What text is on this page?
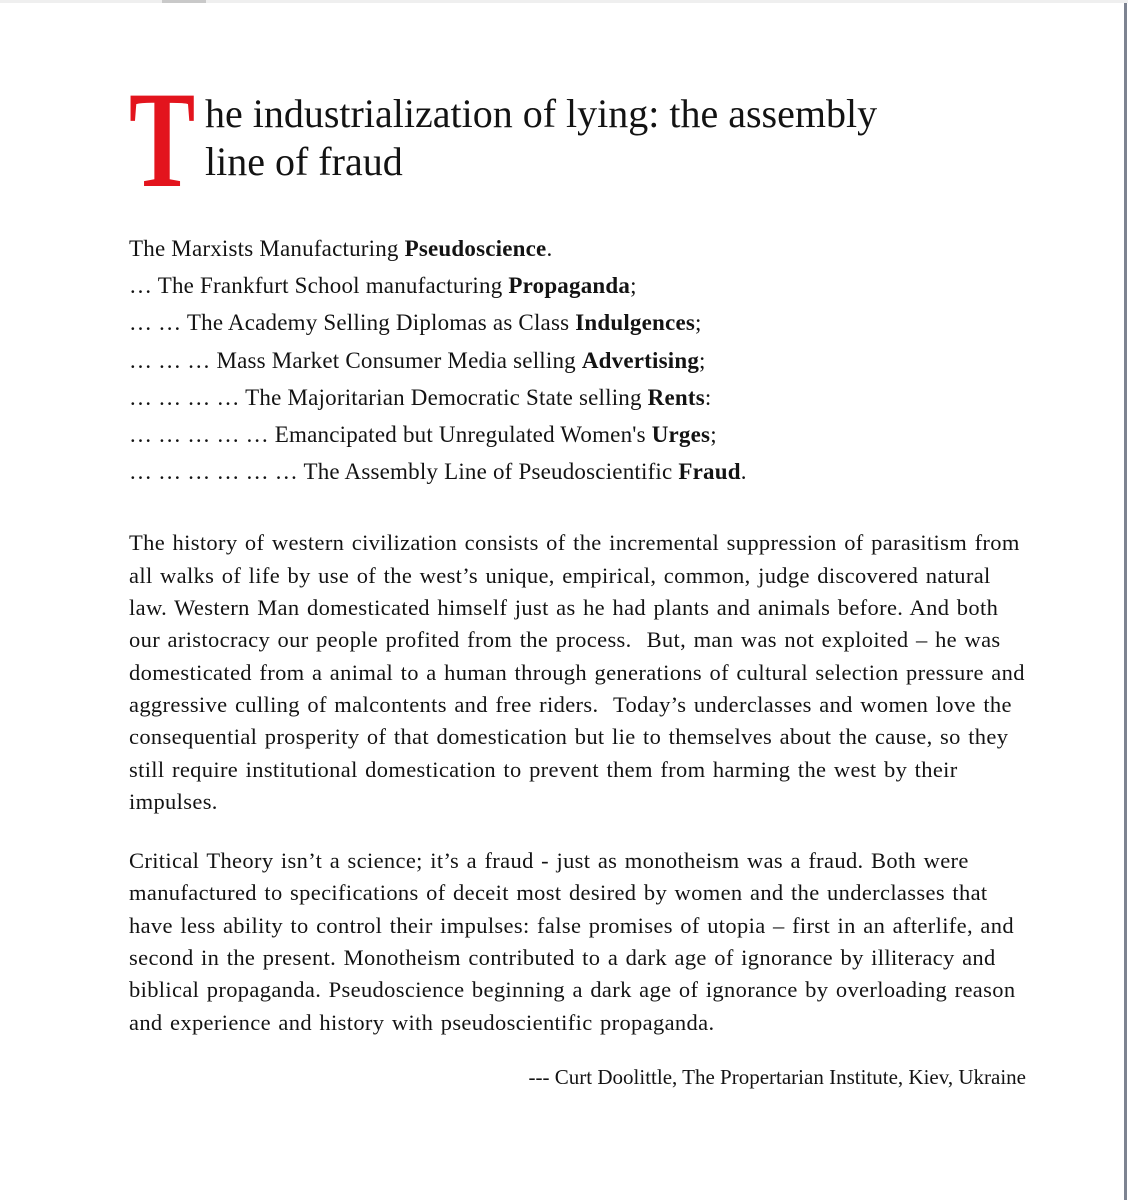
T he industrialization of lying: the assembly
line of fraud
The Marxists Manufacturing Pseudoscience.
… The Frankfurt School manufacturing Propaganda;
… … The Academy Selling Diplomas as Class Indulgences;
… … … Mass Market Consumer Media selling Advertising;
… … … … The Majoritarian Democratic State selling Rents:
… … … … … Emancipated but Unregulated Women's Urges;
… … … … … … The Assembly Line of Pseudoscientific Fraud.

The history of western civilization consists of the incremental suppression of parasitism from all walks of life by use of the west’s unique, empirical, common, judge discovered natural law. Western Man domesticated himself just as he had plants and animals before. And both our aristocracy our people profited from the process.  But, man was not exploited – he was domesticated from a animal to a human through generations of cultural selection pressure and aggressive culling of malcontents and free riders.  Today’s underclasses and women love the consequential prosperity of that domestication but lie to themselves about the cause, so they still require institutional domestication to prevent them from harming the west by their impulses.

Critical Theory isn’t a science; it’s a fraud - just as monotheism was a fraud. Both were manufactured to specifications of deceit most desired by women and the underclasses that have less ability to control their impulses: false promises of utopia – first in an afterlife, and second in the present. Monotheism contributed to a dark age of ignorance by illiteracy and biblical propaganda. Pseudoscience beginning a dark age of ignorance by overloading reason and experience and history with pseudoscientific propaganda.

--- Curt Doolittle, The Propertarian Institute, Kiev, Ukraine
